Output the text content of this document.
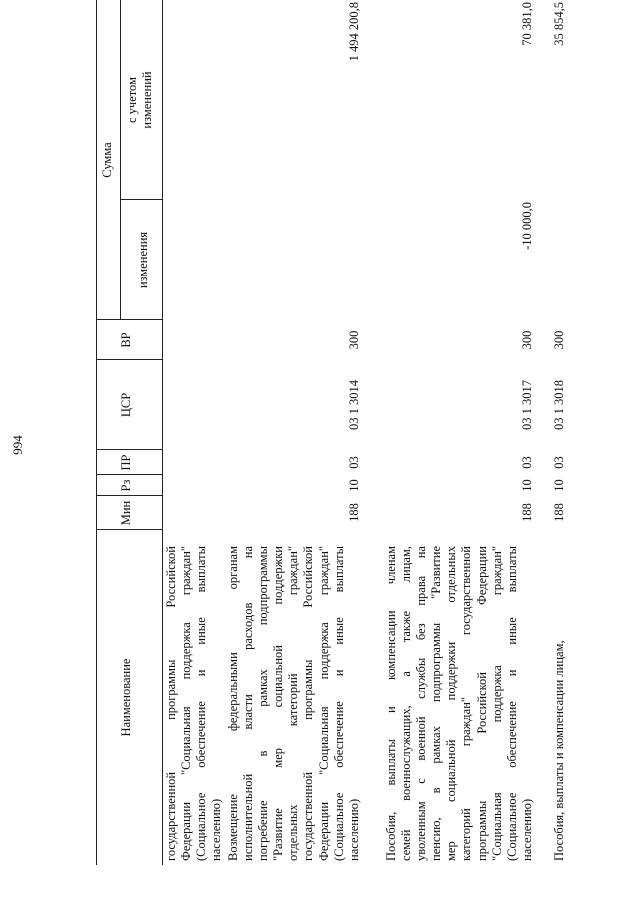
994
Наименование
Мин
Рз
ПР
ЦСР
ВР
Сумма
изменения
с учетом изменений
государственной программы Российской Федерации "Социальная поддержка граждан" (Социальное обеспечение и иные выплаты населению) Возмещение федеральными органам исполнительной власти расходов на погребение в рамках подпрограммы "Развитие мер социальной поддержки отдельных категорий граждан" государственной программы Российской Федерации "Социальная поддержка граждан" (Социальное обеспечение и иные выплаты населению)
188
10
03
03 1 3014
300
1 494 200,8
Пособия, выплаты и компенсации членам семей военнослужащих, а также лицам, уволенным с военной службы без права на пенсию, в рамках подпрограммы "Развитие мер социальной поддержки отдельных категорий граждан" государственной программы Российской Федерации "Социальная поддержка граждан" (Социальное обеспечение и иные выплаты населению)
188
10
03
03 1 3017
300
-10 000,0
70 381,0
Пособия, выплаты и компенсации лицам,
188
10
03
03 1 3018
300
35 854,5
